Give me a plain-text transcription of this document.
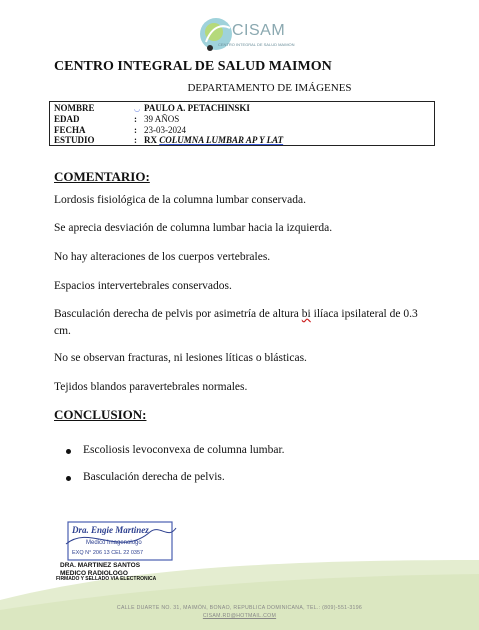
CISAM
CENTRO INTEGRAL DE SALUD MAIMON
CENTRO INTEGRAL DE SALUD MAIMON
DEPARTAMENTO DE IMÁGENES
NOMBRE	◡ PAULO A. PETACHINSKI
EDAD	: 39 AÑOS
FECHA	: 23-03-2024
ESTUDIO	: RX COLUMNA LUMBAR AP Y LAT
COMENTARIO:
Lordosis fisiológica de la columna lumbar conservada.
Se aprecia desviación de columna lumbar hacia la izquierda.
No hay alteraciones de los cuerpos vertebrales.
Espacios intervertebrales conservados.
Basculación derecha de pelvis por asimetría de altura bi ilíaca ipsilateral de 0.3 cm.
No se observan fracturas, ni lesiones líticas o blásticas.
Tejidos blandos paravertebrales normales.
CONCLUSION:
Escoliosis levoconvexa de columna lumbar.
Basculación derecha de pelvis.
Dra. Engie Martinez
Medico Imagenologo
EXQ N° 206 13 CEL 22 0357
DRA. MARTINEZ SANTOS
MEDICO RADIOLOGO
FIRMADO Y SELLADO VIA ELECTRONICA
CALLE DUARTE NO. 31, MAIMÓN, BONAO, REPUBLICA DOMINICANA, TEL.: (809)-551-3196
CISAM.RD@HOTMAIL.COM
